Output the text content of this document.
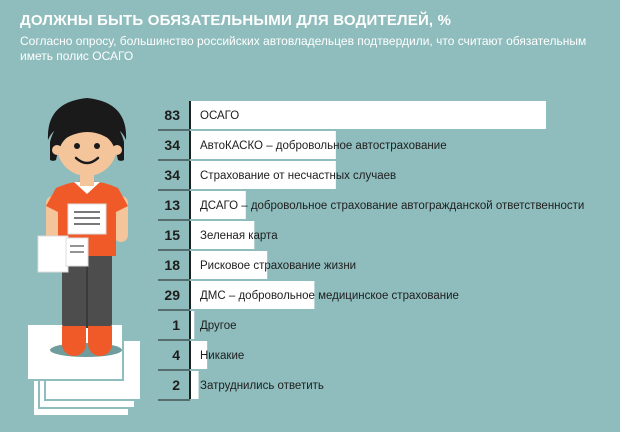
ДОЛЖНЫ БЫТЬ ОБЯЗАТЕЛЬНЫМИ ДЛЯ ВОДИТЕЛЕЙ, %

Согласно опросу, большинство российских автовладельцев подтвердили, что считают обязательным иметь полис ОСАГО

83 ОСАГО
34 АвтоКАСКО – добровольное автострахование
34 Страхование от несчастных случаев
13 ДСАГО – добровольное страхование автогражданской ответственности
15 Зеленая карта
18 Рисковое страхование жизни
29 ДМС – добровольное медицинское страхование
1 Другое
4 Никакие
2 Затруднились ответить
